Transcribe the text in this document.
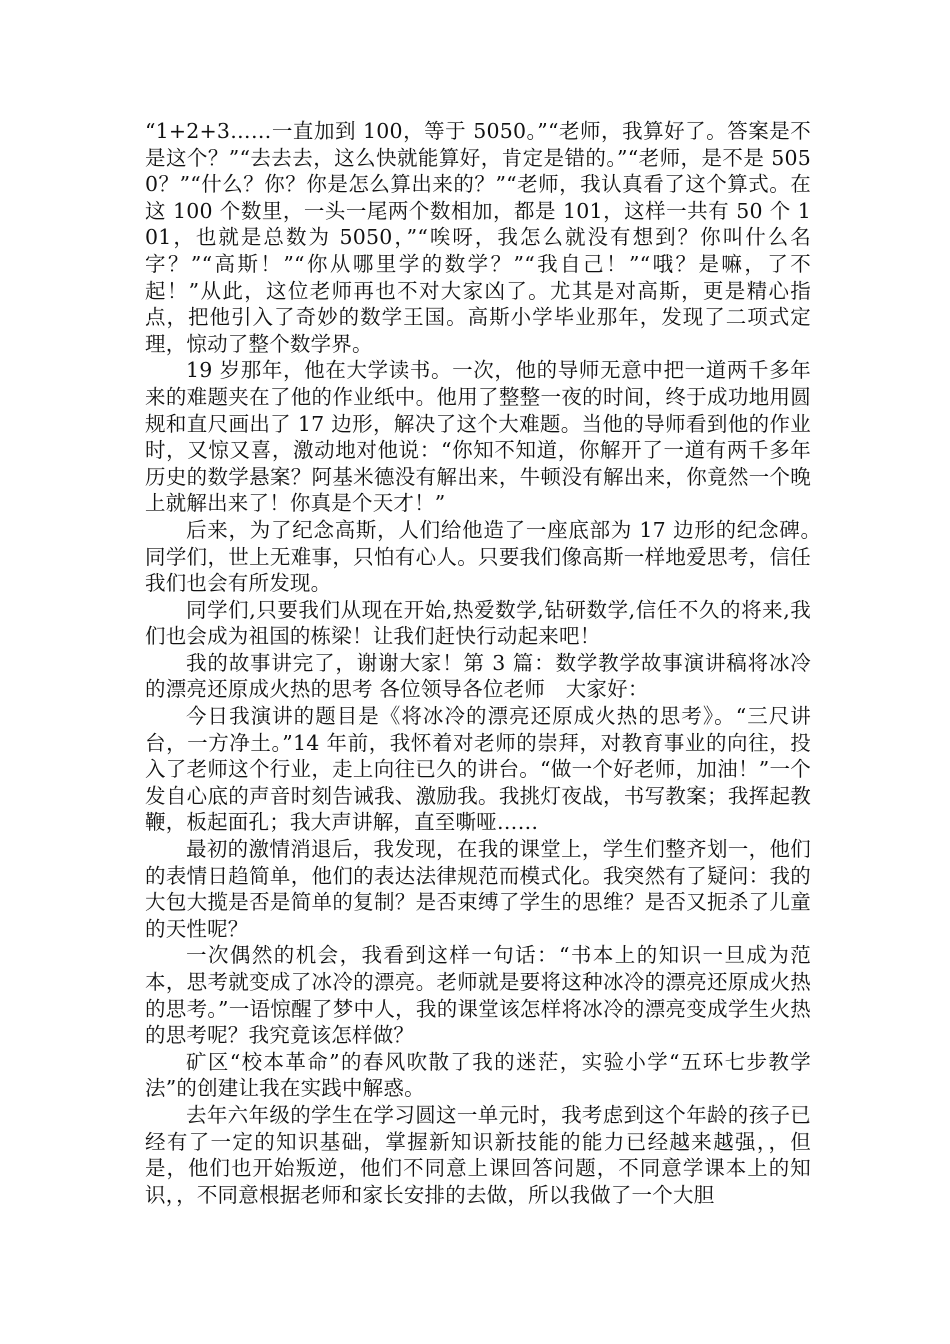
“1+2+3……一直加到 100，等于 5050。”“老师，我算好了。答案是不是这个？”“去去去，这么快就能算好，肯定是错的。”“老师，是不是 5050？”“什么？你？你是怎么算出来的？”“老师，我认真看了这个算式。在这 100 个数里，一头一尾两个数相加，都是 101，这样一共有 50 个 101，也就是总数为 5050，”“唉呀，我怎么就没有想到？你叫什么名字？”“高斯！”“你从哪里学的数学？”“我自己！”“哦？是嘛，了不起！”从此，这位老师再也不对大家凶了。尤其是对高斯，更是精心指点，把他引入了奇妙的数学王国。高斯小学毕业那年，发现了二项式定理，惊动了整个数学界。

19 岁那年，他在大学读书。一次，他的导师无意中把一道两千多年来的难题夹在了他的作业纸中。他用了整整一夜的时间，终于成功地用圆规和直尺画出了 17 边形，解决了这个大难题。当他的导师看到他的作业时，又惊又喜，激动地对他说：“你知不知道，你解开了一道有两千多年历史的数学悬案？阿基米德没有解出来，牛顿没有解出来，你竟然一个晚上就解出来了！你真是个天才！”

后来，为了纪念高斯，人们给他造了一座底部为 17 边形的纪念碑。　同学们，世上无难事，只怕有心人。只要我们像高斯一样地爱思考，信任我们也会有所发现。

同学们,只要我们从现在开始,热爱数学,钻研数学,信任不久的将来,我们也会成为祖国的栋梁！让我们赶快行动起来吧！

我的故事讲完了，谢谢大家！第 3 篇：数学教学故事演讲稿将冰冷的漂亮还原成火热的思考 各位领导各位老师　大家好：

今日我演讲的题目是《将冰冷的漂亮还原成火热的思考》。“三尺讲台，一方净土。”14 年前，我怀着对老师的崇拜，对教育事业的向往，投入了老师这个行业，走上向往已久的讲台。“做一个好老师，加油！”一个发自心底的声音时刻告诫我、激励我。我挑灯夜战，书写教案；我挥起教鞭，板起面孔；我大声讲解，直至嘶哑……

最初的激情消退后，我发现，在我的课堂上，学生们整齐划一，他们的表情日趋简单，他们的表达法律规范而模式化。我突然有了疑问：我的大包大揽是否是简单的复制？是否束缚了学生的思维？是否又扼杀了儿童的天性呢？

一次偶然的机会，我看到这样一句话：“书本上的知识一旦成为范本，思考就变成了冰冷的漂亮。老师就是要将这种冰冷的漂亮还原成火热的思考。”一语惊醒了梦中人，我的课堂该怎样将冰冷的漂亮变成学生火热的思考呢？我究竟该怎样做？

矿区“校本革命”的春风吹散了我的迷茫，实验小学“五环七步教学法”的创建让我在实践中解惑。

去年六年级的学生在学习圆这一单元时，我考虑到这个年龄的孩子已经有了一定的知识基础，掌握新知识新技能的能力已经越来越强，，但是，他们也开始叛逆，他们不同意上课回答问题，不同意学课本上的知识，，不同意根据老师和家长安排的去做，所以我做了一个大胆
